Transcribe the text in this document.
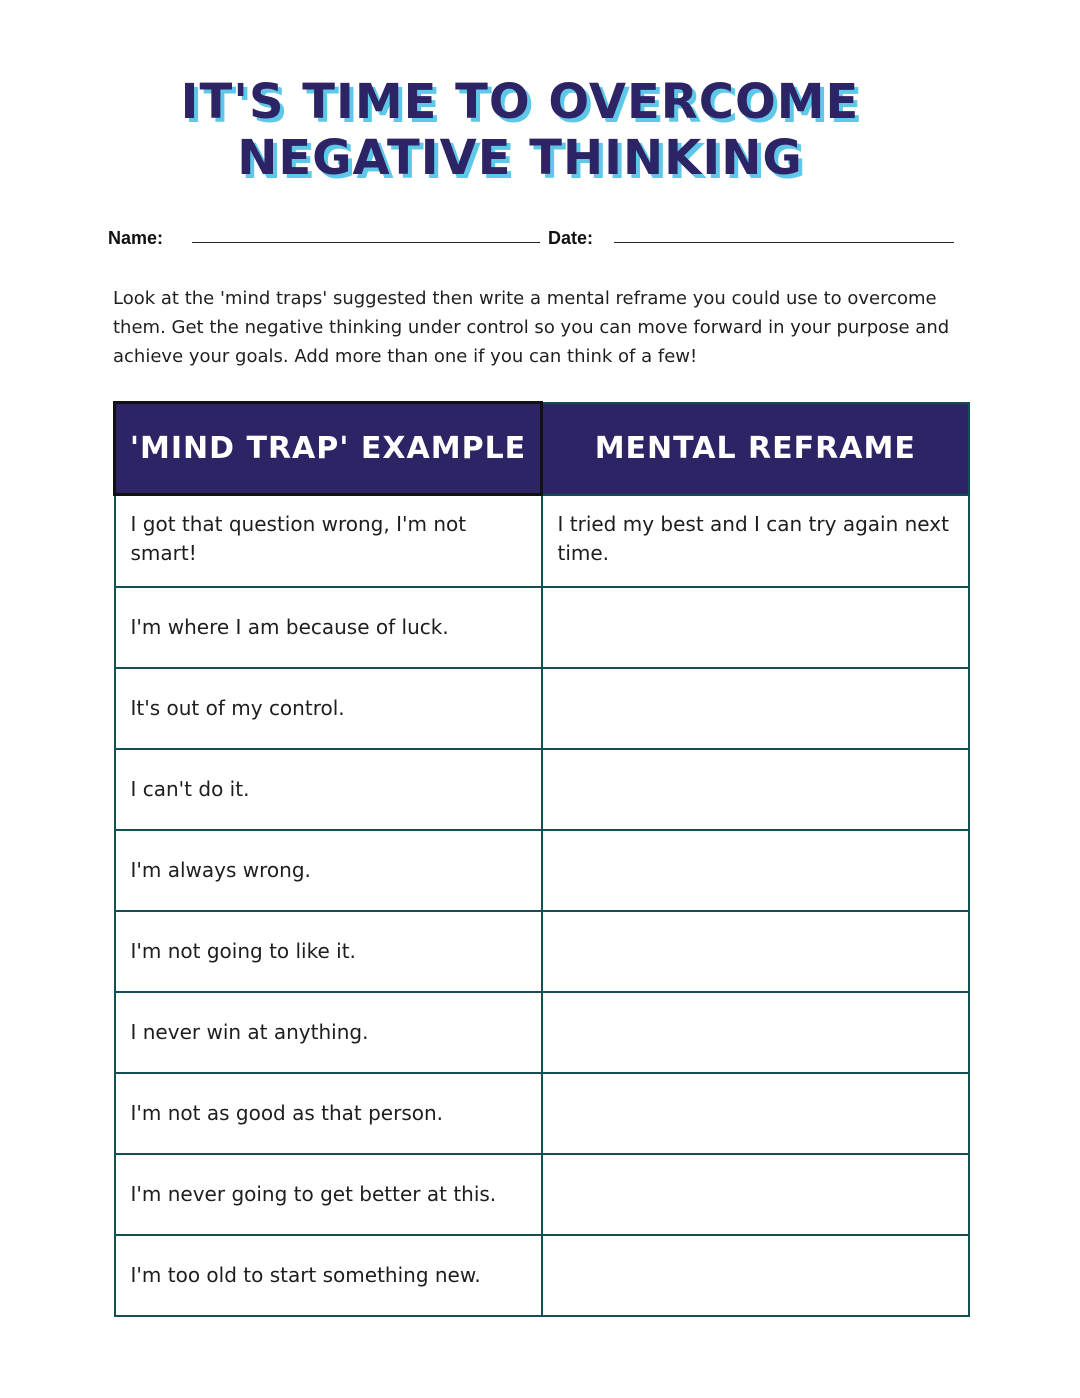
IT'S TIME TO OVERCOME
NEGATIVE THINKING
Name:	Date:
Look at the 'mind traps' suggested then write a mental reframe you could use to overcome them. Get the negative thinking under control so you can move forward in your purpose and achieve your goals. Add more than one if you can think of a few!
'MIND TRAP' EXAMPLE	MENTAL REFRAME
I got that question wrong, I'm not smart!	I tried my best and I can try again next time.
I'm where I am because of luck.	
It's out of my control.	
I can't do it.	
I'm always wrong.	
I'm not going to like it.	
I never win at anything.	
I'm not as good as that person.	
I'm never going to get better at this.	
I'm too old to start something new.	
